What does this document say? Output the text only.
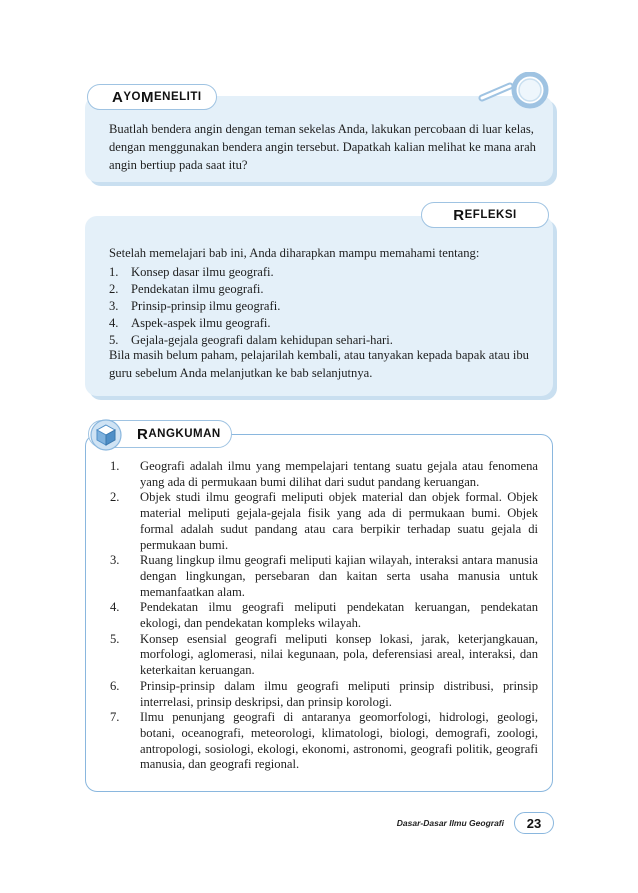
Buatlah bendera angin dengan teman sekelas Anda, lakukan percobaan di luar kelas, dengan menggunakan bendera angin tersebut. Dapatkah kalian melihat ke mana arah angin bertiup pada saat itu?

A YO M ENELITI

Setelah memelajari bab ini, Anda diharapkan mampu memahami tentang:

1. Konsep dasar ilmu geografi.
2. Pendekatan ilmu geografi.
3. Prinsip-prinsip ilmu geografi.
4. Aspek-aspek ilmu geografi.
5. Gejala-gejala geografi dalam kehidupan sehari-hari.

Bila masih belum paham, pelajarilah kembali, atau tanyakan kepada bapak atau ibu guru sebelum Anda melanjutkan ke bab selanjutnya.

R EFLEKSI
1.	Geografi adalah ilmu yang mempelajari tentang suatu gejala atau fenomena yang ada di permukaan bumi dilihat dari sudut pandang keruangan.
2.	Objek studi ilmu geografi meliputi objek material dan objek formal. Objek material meliputi gejala-gejala fisik yang ada di permukaan bumi. Objek formal adalah sudut pandang atau cara berpikir terhadap suatu gejala di permukaan bumi.
3.	Ruang lingkup ilmu geografi meliputi kajian wilayah, interaksi antara manusia dengan lingkungan, persebaran dan kaitan serta usaha manusia untuk memanfaatkan alam.
4.	Pendekatan ilmu geografi meliputi pendekatan keruangan, pendekatan ekologi, dan pendekatan kompleks wilayah.
5.	Konsep esensial geografi meliputi konsep lokasi, jarak, keterjangkauan, morfologi, aglomerasi, nilai kegunaan, pola, deferensiasi areal, interaksi, dan keterkaitan keruangan.
6.	Prinsip-prinsip dalam ilmu geografi meliputi prinsip distribusi, prinsip interrelasi, prinsip deskripsi, dan prinsip korologi.
7.	Ilmu penunjang geografi di antaranya geomorfologi, hidrologi, geologi, botani, oceanografi, meteorologi, klimatologi, biologi, demografi, zoologi, antropologi, sosiologi, ekologi, ekonomi, astronomi, geografi politik, geografi manusia, dan geografi regional.
R ANGKUMAN
Dasar-Dasar Ilmu Geografi	23
